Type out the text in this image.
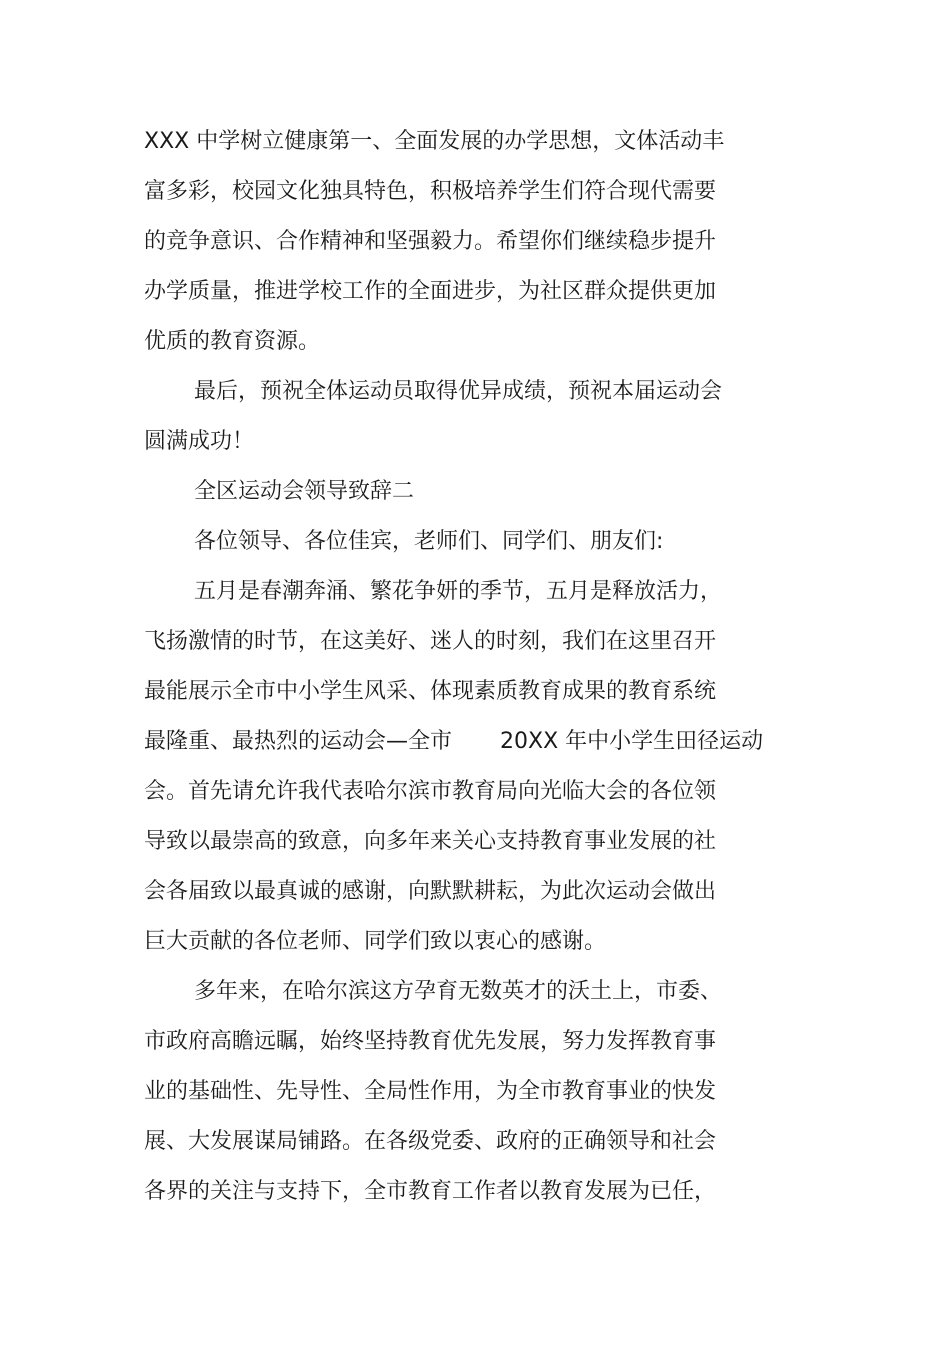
XXX 中学树立健康第一、全面发展的办学思想，文体活动丰

富多彩，校园文化独具特色，积极培养学生们符合现代需要

的竞争意识、合作精神和坚强毅力。希望你们继续稳步提升

办学质量，推进学校工作的全面进步，为社区群众提供更加

优质的教育资源。

最后，预祝全体运动员取得优异成绩，预祝本届运动会

圆满成功！

全区运动会领导致辞二

各位领导、各位佳宾，老师们、同学们、朋友们:

五月是春潮奔涌、繁花争妍的季节，五月是释放活力，

飞扬激情的时节，在这美好、迷人的时刻，我们在这里召开

最能展示全市中小学生风采、体现素质教育成果的教育系统

最隆重、最热烈的运动会—全市 20XX 年中小学生田径运动

会。首先请允许我代表哈尔滨市教育局向光临大会的各位领

导致以最崇高的致意，向多年来关心支持教育事业发展的社

会各届致以最真诚的感谢，向默默耕耘，为此次运动会做出

巨大贡献的各位老师、同学们致以衷心的感谢。

多年来，在哈尔滨这方孕育无数英才的沃土上，市委、

市政府高瞻远瞩，始终坚持教育优先发展，努力发挥教育事

业的基础性、先导性、全局性作用，为全市教育事业的快发

展、大发展谋局铺路。在各级党委、政府的正确领导和社会

各界的关注与支持下，全市教育工作者以教育发展为已任，
